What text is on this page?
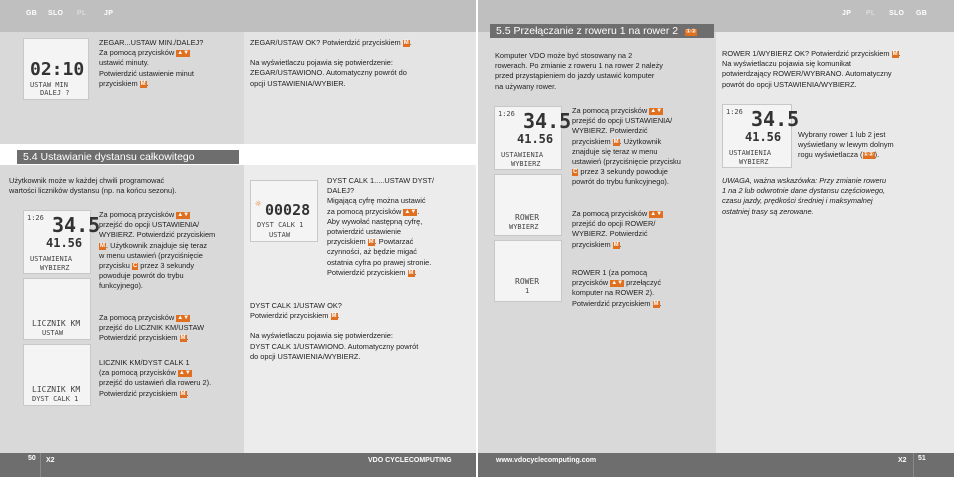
GB SLO PL	JP	JP PL SLO GB
02:10
USTAW MIN
DALEJ ?
ZEGAR...USTAW MIN./DALEJ?
Za pomocą przycisków ▲▼
ustawić minuty.
Potwierdzić ustawienie minut
przyciskiem M.
ZEGAR/USTAW OK? Potwierdzić przyciskiem M.
Na wyświetlaczu pojawia się potwierdzenie:
ZEGAR/USTAWIONO. Automatyczny powrót do
opcji USTAWIENIA/WYBIER.
5.4 Ustawianie dystansu całkowitego
Użytkownik może w każdej chwili programować
wartości liczników dystansu (np. na końcu sezonu).
1:26 34.5
41.56
USTAWIENIA
WYBIERZ
LICZNIK KM
USTAW
LICZNIK KM
DYST CALK 1
Za pomocą przycisków ▲▼
przejść do opcji USTAWIENIA/
WYBIERZ. Potwierdzić przyciskiem
M. Użytkownik znajduje się teraz
w menu ustawień (przyciśnięcie
przycisku C przez 3 sekundy
powoduje powrót do trybu
funkcyjnego).
Za pomocą przycisków ▲▼
przejść do LICZNIK KM/USTAW
Potwierdzić przyciskiem M.
LICZNIK KM/DYST CALK 1
(za pomocą przycisków ▲▼
przejść do ustawień dla roweru 2).
Potwierdzić przyciskiem M.
☼ 00028
DYST CALK 1
USTAW
DYST CALK 1.....USTAW DYST/
DALEJ?
Migającą cyfrę można ustawić
za pomocą przycisków ▲▼.
Aby wywołać następną cyfrę,
potwierdzić ustawienie
przyciskiem M. Powtarzać
czynności, aż będzie migać
ostatnia cyfra po prawej stronie.
Potwierdzić przyciskiem M.
DYST CALK 1/USTAW OK?
Potwierdzić przyciskiem M.
Na wyświetlaczu pojawia się potwierdzenie:
DYST CALK 1/USTAWIONO. Automatyczny powrót
do opcji USTAWIENIA/WYBIERZ.
5.5 Przełączanie z roweru 1 na rower 2 ①②
Komputer VDO może być stosowany na 2
rowerach. Po zmianie z roweru 1 na rower 2 należy
przed przystąpieniem do jazdy ustawić komputer
na używany rower.
1:26 34.5
41.56
USTAWIENIA
WYBIERZ
ROWER
WYBIERZ
ROWER
1
Za pomocą przycisków ▲▼
przejść do opcji USTAWIENIA/
WYBIERZ. Potwierdzić
przyciskiem M. Użytkownik
znajduje się teraz w menu
ustawień (przyciśnięcie przycisku
C przez 3 sekundy powoduje
powrót do trybu funkcyjnego).
Za pomocą przycisków ▲▼
przejść do opcji ROWER/
WYBIERZ. Potwierdzić
przyciskiem M.
ROWER 1 (za pomocą
przycisków ▲▼ przełączyć
komputer na ROWER 2).
Potwierdzić przyciskiem M.
ROWER 1/WYBIERZ OK? Potwierdzić przyciskiem M.
Na wyświetlaczu pojawia się komunikat
potwierdzający ROWER/WYBRANO. Automatyczny
powrót do opcji USTAWIENIA/WYBIERZ.
1:26 34.5
41.56
USTAWIENIA
WYBIERZ
Wybrany rower 1 lub 2 jest
wyświetlany w lewym dolnym
rogu wyświetlacza (①②).
UWAGA, ważna wskazówka: Przy zmianie roweru
1 na 2 lub odwrotnie dane dystansu częściowego,
czasu jazdy, prędkości średniej i maksymalnej
ostatniej trasy są zerowane.
50 X2	VDO CYCLECOMPUTING	www.vdocyclecomputing.com	X2 51
